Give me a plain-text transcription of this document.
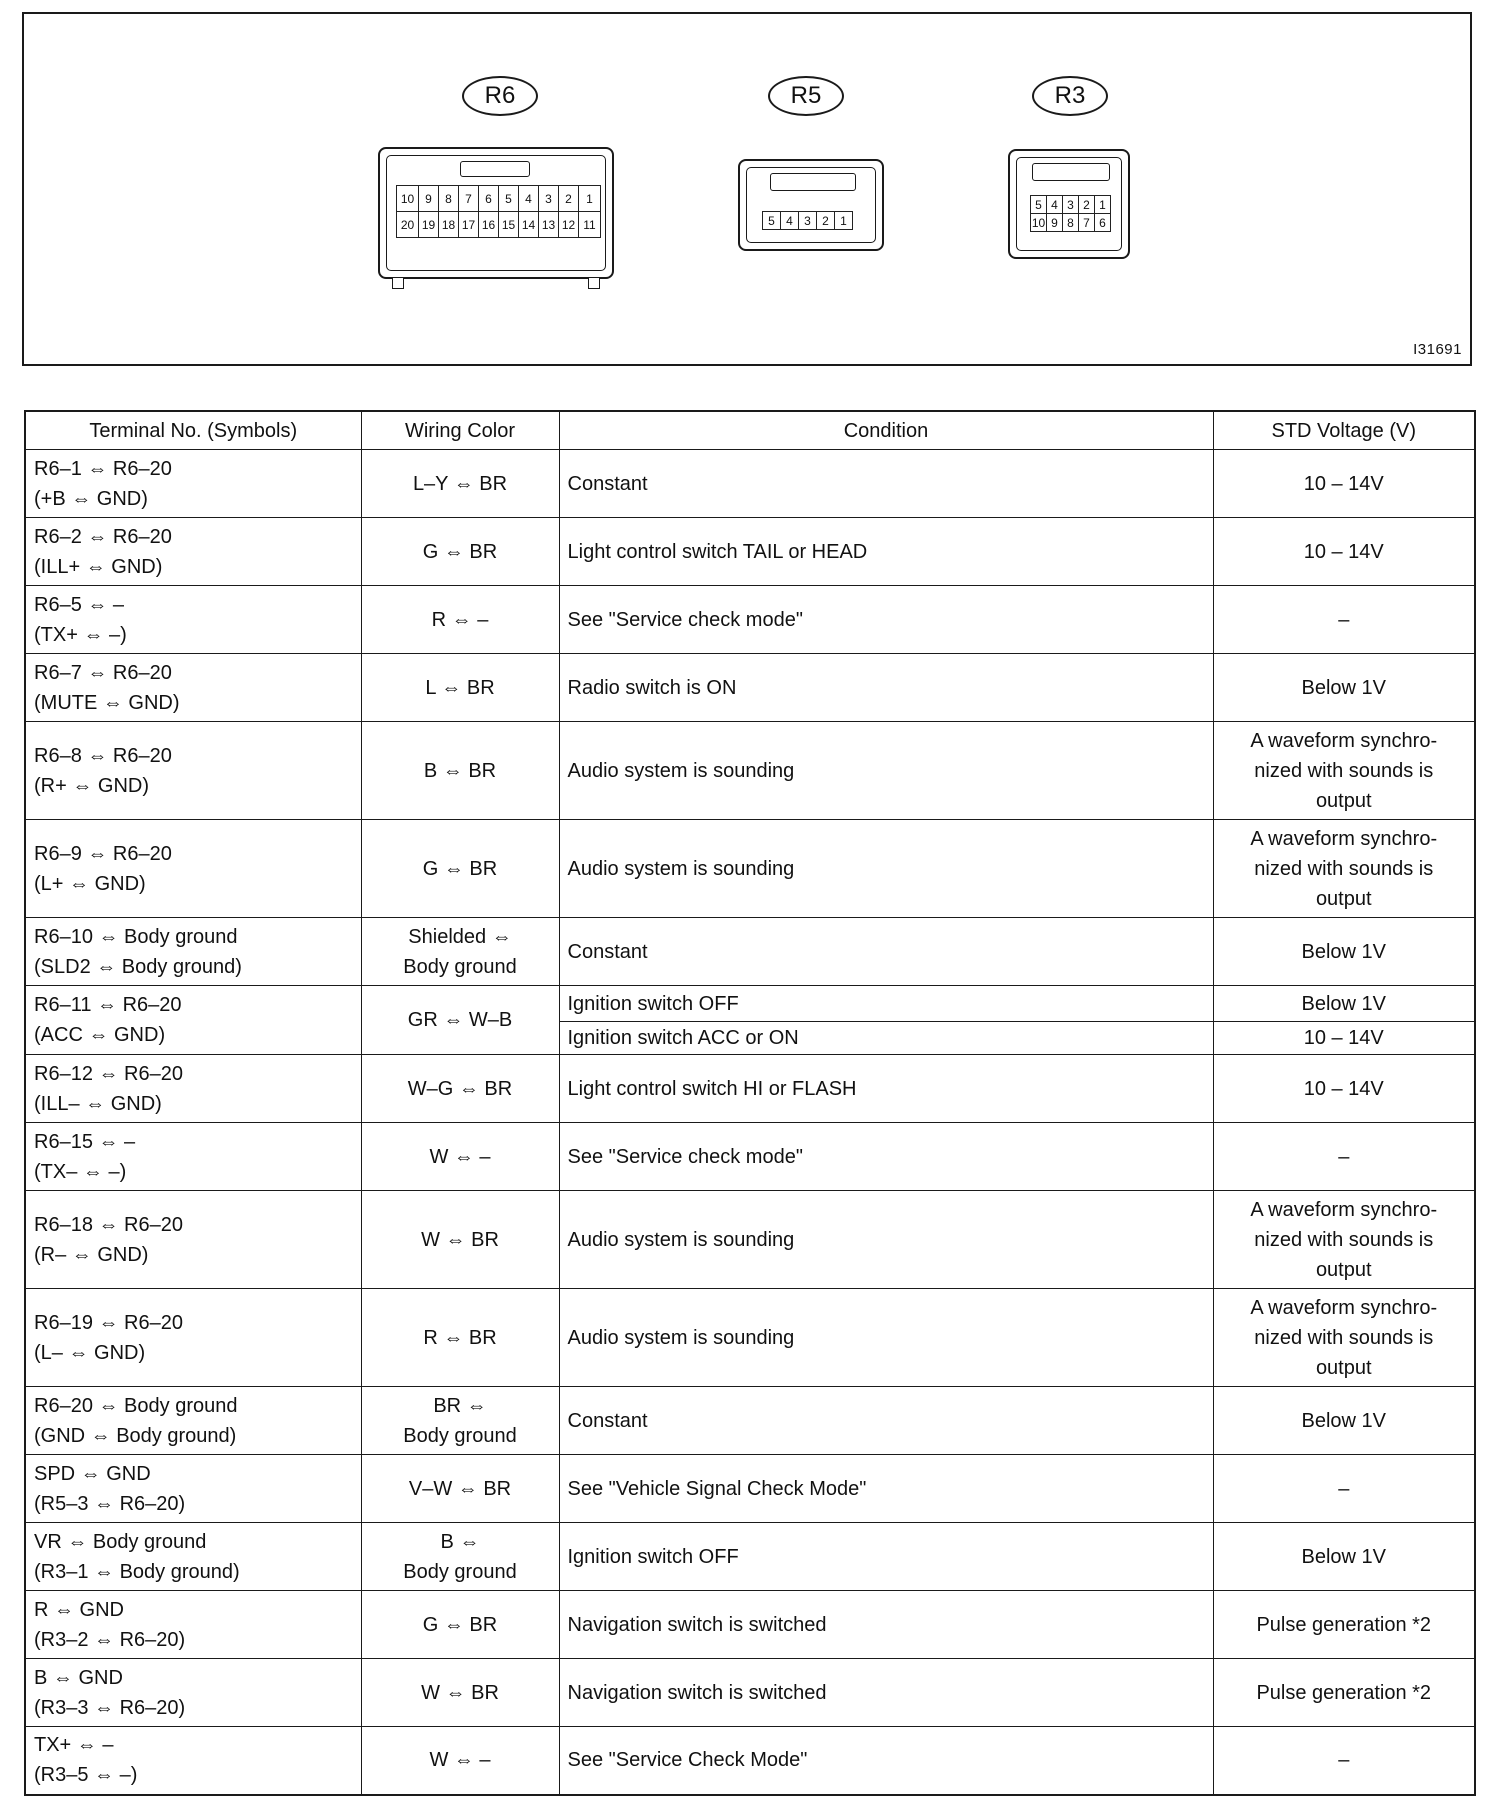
R6
10 9	8	7	6	5	4	3	2	1
20 19 18 17 16 15 14 13 12 11
R5
5 4 3 2 1
R3
5 4 3 2 1
10 9 8 7 6
I31691
Terminal No. (Symbols)	Wiring Color	Condition	STD Voltage (V)
R6–1 ⇔ R6–20
(+B ⇔ GND)	L–Y ⇔ BR	Constant	10 – 14V
R6–2 ⇔ R6–20
(ILL+ ⇔ GND)	G ⇔ BR	Light control switch TAIL or HEAD	10 – 14V
R6–5 ⇔ –
(TX+ ⇔ –)	R ⇔ –	See "Service check mode"	–
R6–7 ⇔ R6–20
(MUTE ⇔ GND)	L ⇔ BR	Radio switch is ON	Below 1V
R6–8 ⇔ R6–20
(R+ ⇔ GND)	B ⇔ BR	Audio system is sounding	A waveform synchro-
nized with sounds is
output
R6–9 ⇔ R6–20
(L+ ⇔ GND)	G ⇔ BR	Audio system is sounding	A waveform synchro-
nized with sounds is
output
R6–10 ⇔ Body ground
(SLD2 ⇔ Body ground)	Shielded ⇔
Body ground	Constant	Below 1V
R6–11 ⇔ R6–20
(ACC ⇔ GND)	GR ⇔ W–B	Ignition switch OFF	Below 1V
		Ignition switch ACC or ON	10 – 14V
R6–12 ⇔ R6–20
(ILL– ⇔ GND)	W–G ⇔ BR	Light control switch HI or FLASH	10 – 14V
R6–15 ⇔ –
(TX– ⇔ –)	W ⇔ –	See "Service check mode"	–
R6–18 ⇔ R6–20
(R– ⇔ GND)	W ⇔ BR	Audio system is sounding	A waveform synchro-
nized with sounds is
output
R6–19 ⇔ R6–20
(L– ⇔ GND)	R ⇔ BR	Audio system is sounding	A waveform synchro-
nized with sounds is
output
R6–20 ⇔ Body ground
(GND ⇔ Body ground)	BR ⇔
Body ground	Constant	Below 1V
SPD ⇔ GND
(R5–3 ⇔ R6–20)	V–W ⇔ BR	See "Vehicle Signal Check Mode"	–
VR ⇔ Body ground
(R3–1 ⇔ Body ground)	B ⇔
Body ground	Ignition switch OFF	Below 1V
R ⇔ GND
(R3–2 ⇔ R6–20)	G ⇔ BR	Navigation switch is switched	Pulse generation *2
B ⇔ GND
(R3–3 ⇔ R6–20)	W ⇔ BR	Navigation switch is switched	Pulse generation *2
TX+ ⇔ –
(R3–5 ⇔ –)	W ⇔ –	See "Service Check Mode"	–
